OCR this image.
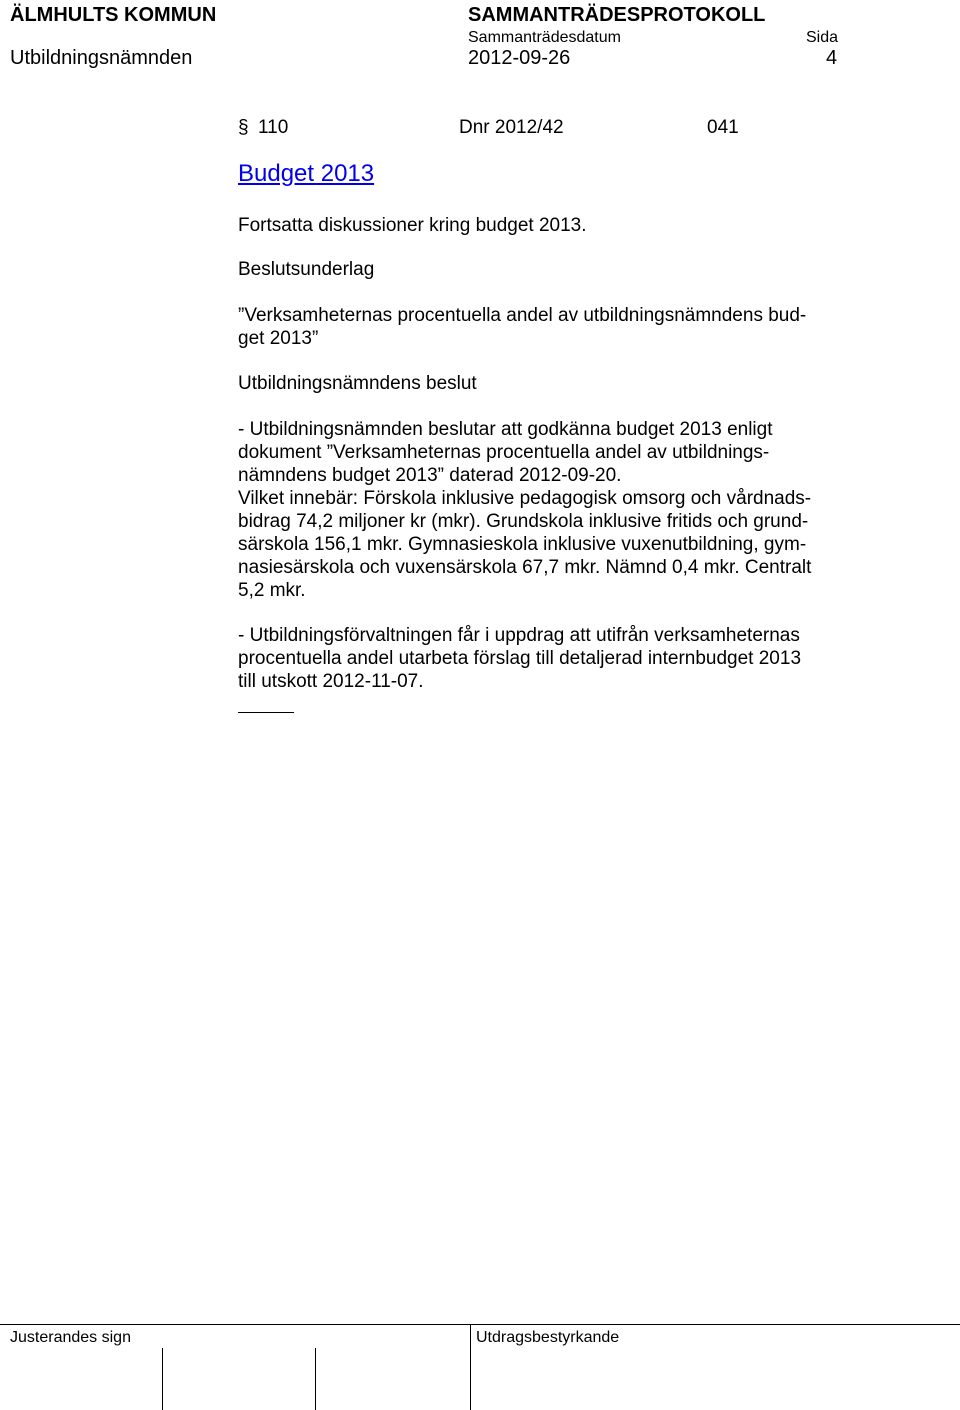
ÄLMHULTS KOMMUN	SAMMANTRÄDESPROTOKOLL
Sammanträdesdatum	Sida
Utbildningsnämnden	2012-09-26	4
§ 110	Dnr 2012/42	041
Budget 2013
Fortsatta diskussioner kring budget 2013.
Beslutsunderlag
”Verksamheternas procentuella andel av utbildningsnämndens bud-
get 2013”
Utbildningsnämndens beslut
- Utbildningsnämnden beslutar att godkänna budget 2013 enligt
dokument ”Verksamheternas procentuella andel av utbildnings-
nämndens budget 2013” daterad 2012-09-20.
Vilket innebär: Förskola inklusive pedagogisk omsorg och vårdnads-
bidrag 74,2 miljoner kr (mkr). Grundskola inklusive fritids och grund-
särskola 156,1 mkr. Gymnasieskola inklusive vuxenutbildning, gym-
nasiesärskola och vuxensärskola 67,7 mkr. Nämnd 0,4 mkr. Centralt
5,2 mkr.
- Utbildningsförvaltningen får i uppdrag att utifrån verksamheternas
procentuella andel utarbeta förslag till detaljerad internbudget 2013
till utskott 2012-11-07.
Justerandes sign	Utdragsbestyrkande
